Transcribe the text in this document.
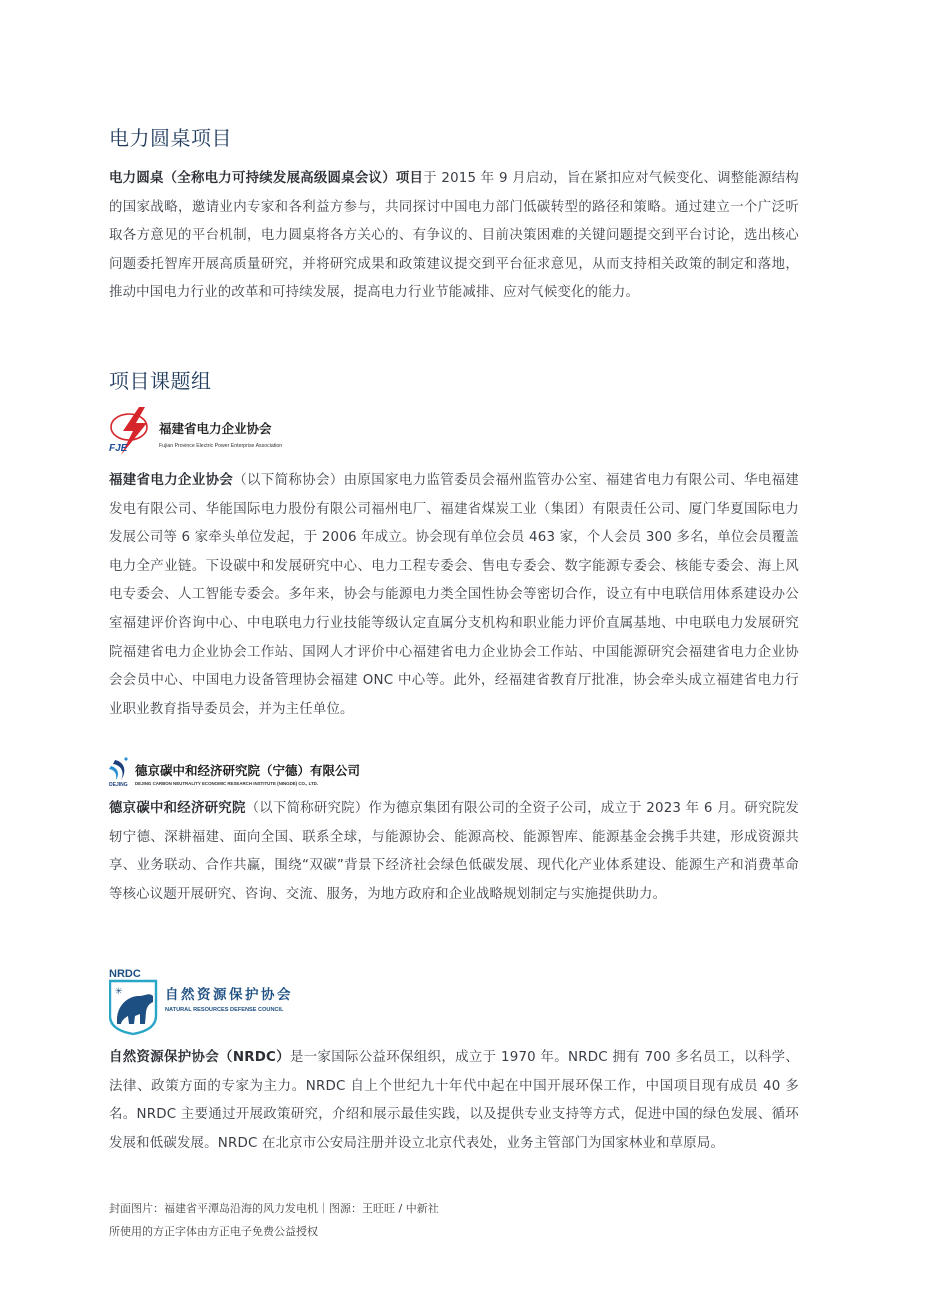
电力圆桌项目

电力圆桌（全称电力可持续发展高级圆桌会议）项目于 2015 年 9 月启动，旨在紧扣应对气候变化、调整能源结构的国家战略，邀请业内专家和各利益方参与，共同探讨中国电力部门低碳转型的路径和策略。通过建立一个广泛听取各方意见的平台机制，电力圆桌将各方关心的、有争议的、目前决策困难的关键问题提交到平台讨论，选出核心问题委托智库开展高质量研究，并将研究成果和政策建议提交到平台征求意见，从而支持相关政策的制定和落地，推动中国电力行业的改革和可持续发展，提高电力行业节能减排、应对气候变化的能力。

项目课题组
FJE
福建省电力企业协会
Fujian Province Electric Power Enterprise Association

福建省电力企业协会（以下简称协会）由原国家电力监管委员会福州监管办公室、福建省电力有限公司、华电福建发电有限公司、华能国际电力股份有限公司福州电厂、福建省煤炭工业（集团）有限责任公司、厦门华夏国际电力发展公司等 6 家牵头单位发起，于 2006 年成立。协会现有单位会员 463 家，个人会员 300 多名，单位会员覆盖电力全产业链。下设碳中和发展研究中心、电力工程专委会、售电专委会、数字能源专委会、核能专委会、海上风电专委会、人工智能专委会。多年来，协会与能源电力类全国性协会等密切合作，设立有中电联信用体系建设办公室福建评价咨询中心、中电联电力行业技能等级认定直属分支机构和职业能力评价直属基地、中电联电力发展研究院福建省电力企业协会工作站、国网人才评价中心福建省电力企业协会工作站、中国能源研究会福建省电力企业协会会员中心、中国电力设备管理协会福建 ONC 中心等。此外，经福建省教育厅批准，协会牵头成立福建省电力行业职业教育指导委员会，并为主任单位。

DEJING
德京碳中和经济研究院（宁德）有限公司
DEJING CARBON NEUTRALITY ECONOMIC RESEARCH INSTITUTE (NINGDE) CO., LTD.

德京碳中和经济研究院（以下简称研究院）作为德京集团有限公司的全资子公司，成立于 2023 年 6 月。研究院发轫宁德、深耕福建、面向全国、联系全球，与能源协会、能源高校、能源智库、能源基金会携手共建，形成资源共享、业务联动、合作共赢，围绕“双碳”背景下经济社会绿色低碳发展、现代化产业体系建设、能源生产和消费革命等核心议题开展研究、咨询、交流、服务，为地方政府和企业战略规划制定与实施提供助力。

NRDC
✳	自然资源保护协会
NATURAL RESOURCES DEFENSE COUNCIL

自然资源保护协会（NRDC）是一家国际公益环保组织，成立于 1970 年。NRDC 拥有 700 多名员工，以科学、法律、政策方面的专家为主力。NRDC 自上个世纪九十年代中起在中国开展环保工作，中国项目现有成员 40 多名。NRDC 主要通过开展政策研究，介绍和展示最佳实践，以及提供专业支持等方式，促进中国的绿色发展、循环发展和低碳发展。NRDC 在北京市公安局注册并设立北京代表处，业务主管部门为国家林业和草原局。

封面图片：福建省平潭岛沿海的风力发电机｜图源：王旺旺 / 中新社

所使用的方正字体由方正电子免费公益授权
